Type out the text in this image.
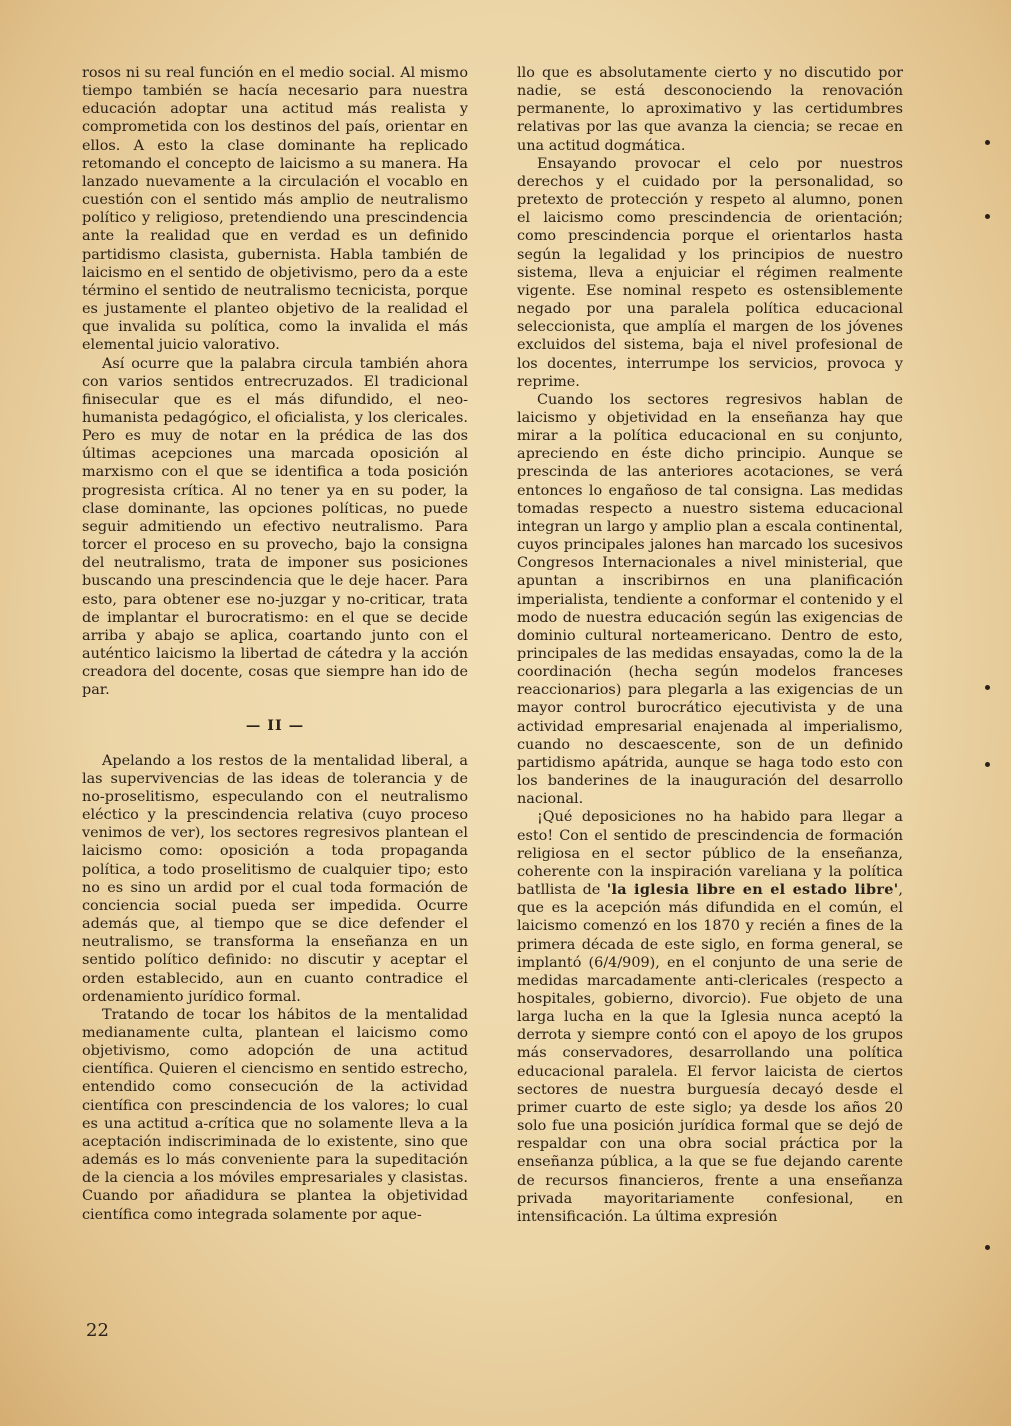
rosos ni su real función en el medio social. Al mismo tiempo también se hacía necesario para nuestra educación adoptar una actitud más realista y comprometida con los destinos del país, orientar en ellos. A esto la clase dominante ha replicado retomando el concepto de laicismo a su manera. Ha lanzado nuevamente a la circulación el vocablo en cuestión con el sentido más amplio de neutralismo político y religioso, pretendiendo una prescindencia ante la realidad que en verdad es un definido partidismo clasista, gubernista. Habla también de laicismo en el sentido de objetivismo, pero da a este término el sentido de neutralismo tecnicista, porque es justamente el planteo objetivo de la realidad el que invalida su política, como la invalida el más elemental juicio valorativo.

Así ocurre que la palabra circula también ahora con varios sentidos entrecruzados. El tradicional finisecular que es el más difundido, el neo-humanista pedagógico, el oficialista, y los clericales. Pero es muy de notar en la prédica de las dos últimas acepciones una marcada oposición al marxismo con el que se identifica a toda posición progresista crítica. Al no tener ya en su poder, la clase dominante, las opciones políticas, no puede seguir admitiendo un efectivo neutralismo. Para torcer el proceso en su provecho, bajo la consigna del neutralismo, trata de imponer sus posiciones buscando una prescindencia que le deje hacer. Para esto, para obtener ese no-juzgar y no-criticar, trata de implantar el burocratismo: en el que se decide arriba y abajo se aplica, coartando junto con el auténtico laicismo la libertad de cátedra y la acción creadora del docente, cosas que siempre han ido de par.

— II —

Apelando a los restos de la mentalidad liberal, a las supervivencias de las ideas de tolerancia y de no-proselitismo, especulando con el neutralismo eléctico y la prescindencia relativa (cuyo proceso venimos de ver), los sectores regresivos plantean el laicismo como: oposición a toda propaganda política, a todo proselitismo de cualquier tipo; esto no es sino un ardid por el cual toda formación de conciencia social pueda ser impedida. Ocurre además que, al tiempo que se dice defender el neutralismo, se transforma la enseñanza en un sentido político definido: no discutir y aceptar el orden establecido, aun en cuanto contradice el ordenamiento jurídico formal.

Tratando de tocar los hábitos de la mentalidad medianamente culta, plantean el laicismo como objetivismo, como adopción de una actitud científica. Quieren el ciencismo en sentido estrecho, entendido como consecución de la actividad científica con prescindencia de los valores; lo cual es una actitud a-crítica que no solamente lleva a la aceptación indiscriminada de lo existente, sino que además es lo más conveniente para la supeditación de la ciencia a los móviles empresariales y clasistas. Cuando por añadidura se plantea la objetividad científica como integrada solamente por aque-

llo que es absolutamente cierto y no discutido por nadie, se está desconociendo la renovación permanente, lo aproximativo y las certidumbres relativas por las que avanza la ciencia; se recae en una actitud dogmática.

Ensayando provocar el celo por nuestros derechos y el cuidado por la personalidad, so pretexto de protección y respeto al alumno, ponen el laicismo como prescindencia de orientación; como prescindencia porque el orientarlos hasta según la legalidad y los principios de nuestro sistema, lleva a enjuiciar el régimen realmente vigente. Ese nominal respeto es ostensiblemente negado por una paralela política educacional seleccionista, que amplía el margen de los jóvenes excluidos del sistema, baja el nivel profesional de los docentes, interrumpe los servicios, provoca y reprime.

Cuando los sectores regresivos hablan de laicismo y objetividad en la enseñanza hay que mirar a la política educacional en su conjunto, apreciendo en éste dicho principio. Aunque se prescinda de las anteriores acotaciones, se verá entonces lo engañoso de tal consigna. Las medidas tomadas respecto a nuestro sistema educacional integran un largo y amplio plan a escala continental, cuyos principales jalones han marcado los sucesivos Congresos Internacionales a nivel ministerial, que apuntan a inscribirnos en una planificación imperialista, tendiente a conformar el contenido y el modo de nuestra educación según las exigencias de dominio cultural norteamericano. Dentro de esto, principales de las medidas ensayadas, como la de la coordinación (hecha según modelos franceses reaccionarios) para plegarla a las exigencias de un mayor control burocrático ejecutivista y de una actividad empresarial enajenada al imperialismo, cuando no descaescente, son de un definido partidismo apátrida, aunque se haga todo esto con los banderines de la inauguración del desarrollo nacional.

¡Qué deposiciones no ha habido para llegar a esto! Con el sentido de prescindencia de formación religiosa en el sector público de la enseñanza, coherente con la inspiración vareliana y la política batllista de 'la iglesia libre en el estado libre', que es la acepción más difundida en el común, el laicismo comenzó en los 1870 y recién a fines de la primera década de este siglo, en forma general, se implantó (6/4/909), en el conjunto de una serie de medidas marcadamente anti-clericales (respecto a hospitales, gobierno, divorcio). Fue objeto de una larga lucha en la que la Iglesia nunca aceptó la derrota y siempre contó con el apoyo de los grupos más conservadores, desarrollando una política educacional paralela. El fervor laicista de ciertos sectores de nuestra burguesía decayó desde el primer cuarto de este siglo; ya desde los años 20 solo fue una posición jurídica formal que se dejó de respaldar con una obra social práctica por la enseñanza pública, a la que se fue dejando carente de recursos financieros, frente a una enseñanza privada mayoritariamente confesional, en intensificación. La última expresión

22
